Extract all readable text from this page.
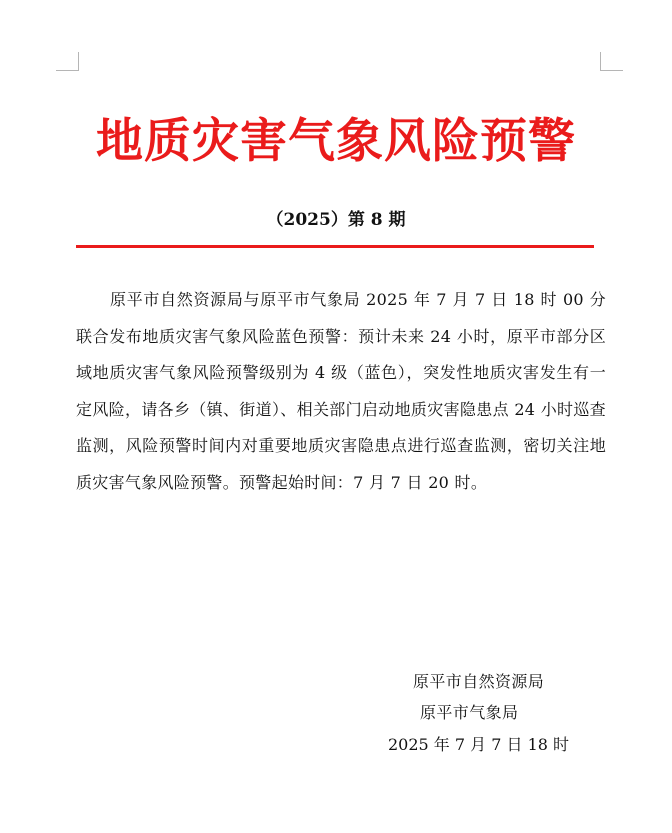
地质灾害气象风险预警
（2025）第 8 期
原平市自然资源局与原平市气象局 2025 年 7 月 7 日 18 时 00 分联合发布地质灾害气象风险蓝色预警：预计未来 24 小时，原平市部分区域地质灾害气象风险预警级别为 4 级（蓝色），突发性地质灾害发生有一定风险，请各乡（镇、街道）、相关部门启动地质灾害隐患点 24 小时巡查监测，风险预警时间内对重要地质灾害隐患点进行巡查监测，密切关注地质灾害气象风险预警。预警起始时间：7 月 7 日 20 时。
原平市自然资源局
原平市气象局
2025 年 7 月 7 日 18 时
